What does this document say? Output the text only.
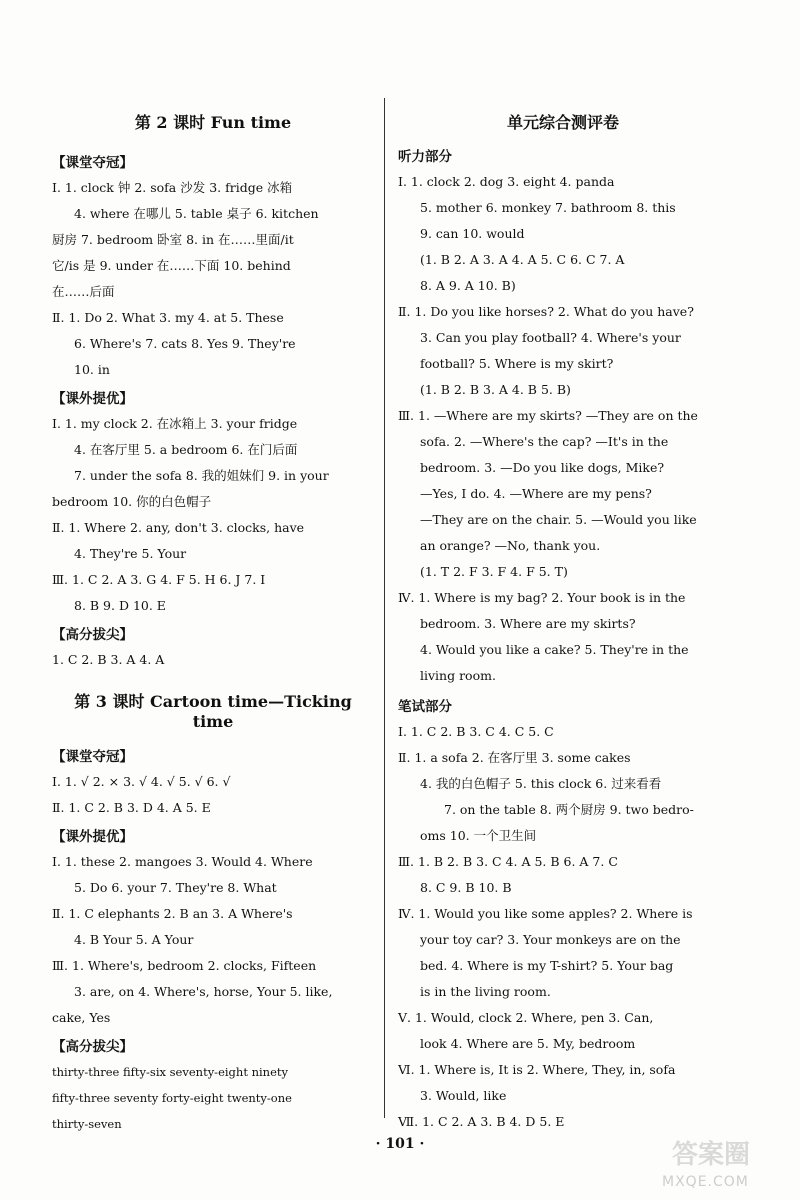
第 2 课时 Fun time
【课堂夺冠】
Ⅰ. 1. clock 钟 2. sofa 沙发 3. fridge 冰箱
4. where 在哪儿 5. table 桌子 6. kitchen
厨房 7. bedroom 卧室 8. in 在……里面/it
它/is 是 9. under 在……下面 10. behind
在……后面
Ⅱ. 1. Do 2. What 3. my 4. at 5. These
6. Where's 7. cats 8. Yes 9. They're
10. in
【课外提优】
Ⅰ. 1. my clock 2. 在冰箱上 3. your fridge
4. 在客厅里 5. a bedroom 6. 在门后面
7. under the sofa 8. 我的姐妹们 9. in your
bedroom 10. 你的白色帽子
Ⅱ. 1. Where 2. any, don't 3. clocks, have
4. They're 5. Your
Ⅲ. 1. C 2. A 3. G 4. F 5. H 6. J 7. I
8. B 9. D 10. E
【高分拔尖】
1. C 2. B 3. A 4. A
第 3 课时 Cartoon time—Ticking time
【课堂夺冠】
Ⅰ. 1. √ 2. × 3. √ 4. √ 5. √ 6. √
Ⅱ. 1. C 2. B 3. D 4. A 5. E
【课外提优】
Ⅰ. 1. these 2. mangoes 3. Would 4. Where
5. Do 6. your 7. They're 8. What
Ⅱ. 1. C elephants 2. B an 3. A Where's
4. B Your 5. A Your
Ⅲ. 1. Where's, bedroom 2. clocks, Fifteen
3. are, on 4. Where's, horse, Your 5. like,
cake, Yes
【高分拔尖】
thirty-three fifty-six seventy-eight ninety
fifty-three seventy forty-eight twenty-one
thirty-seven
单元综合测评卷
听力部分
Ⅰ. 1. clock 2. dog 3. eight 4. panda
5. mother 6. monkey 7. bathroom 8. this
9. can 10. would
(1. B 2. A 3. A 4. A 5. C 6. C 7. A
8. A 9. A 10. B)
Ⅱ. 1. Do you like horses? 2. What do you have?
3. Can you play football? 4. Where's your
football? 5. Where is my skirt?
(1. B 2. B 3. A 4. B 5. B)
Ⅲ. 1. —Where are my skirts? —They are on the
sofa. 2. —Where's the cap? —It's in the
bedroom. 3. —Do you like dogs, Mike?
—Yes, I do. 4. —Where are my pens?
—They are on the chair. 5. —Would you like
an orange? —No, thank you.
(1. T 2. F 3. F 4. F 5. T)
Ⅳ. 1. Where is my bag? 2. Your book is in the
bedroom. 3. Where are my skirts?
4. Would you like a cake? 5. They're in the
living room.
笔试部分
Ⅰ. 1. C 2. B 3. C 4. C 5. C
Ⅱ. 1. a sofa 2. 在客厅里 3. some cakes
4. 我的白色帽子 5. this clock 6. 过来看看
7. on the table 8. 两个厨房 9. two bedro-
oms 10. 一个卫生间
Ⅲ. 1. B 2. B 3. C 4. A 5. B 6. A 7. C
8. C 9. B 10. B
Ⅳ. 1. Would you like some apples? 2. Where is
your toy car? 3. Your monkeys are on the
bed. 4. Where is my T-shirt? 5. Your bag
is in the living room.
Ⅴ. 1. Would, clock 2. Where, pen 3. Can,
look 4. Where are 5. My, bedroom
Ⅵ. 1. Where is, It is 2. Where, They, in, sofa
3. Would, like
Ⅶ. 1. C 2. A 3. B 4. D 5. E
· 101 ·	答案圈
MXQE.COM
